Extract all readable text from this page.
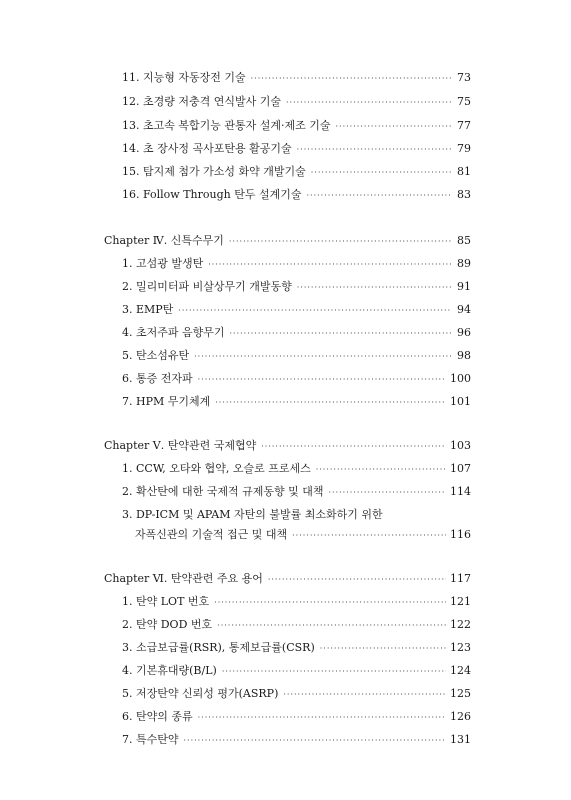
11. 지능형 자동장전 기술 ·····	73
12. 초경량 저충격 연식발사 기술 ·····	75
13. 초고속 복합기능 관통자 설계·제조 기술 ·····	77
14. 초 장사정 곡사포탄용 활공기술 ·····	79
15. 탐지제 첨가 가소성 화약 개발기술 ·····	81
16. Follow Through 탄두 설계기술 ·····	83
Chapter Ⅳ. 신특수무기 ·····	85
1. 고섬광 발생탄 ·····	89
2. 밀리미터파 비살상무기 개발동향 ·····	91
3. EMP탄 ·····	94
4. 초저주파 음향무기 ·····	96
5. 탄소섬유탄 ·····	98
6. 통증 전자파 ·····	100
7. HPM 무기체계 ·····	101
Chapter Ⅴ. 탄약관련 국제협약 ·····	103
1. CCW, 오타와 협약, 오슬로 프로세스 ·····	107
2. 확산탄에 대한 국제적 규제동향 및 대책 ·····	114
3. DP-ICM 및 APAM 자탄의 불발률 최소화하기 위한
자폭신관의 기술적 접근 및 대책 ·····	116
Chapter Ⅵ. 탄약관련 주요 용어 ·····	117
1. 탄약 LOT 번호 ·····	121
2. 탄약 DOD 번호 ·····	122
3. 소급보급률(RSR), 통제보급률(CSR) ·····	123
4. 기본휴대량(B/L) ·····	124
5. 저장탄약 신뢰성 평가(ASRP) ·····	125
6. 탄약의 종류 ·····	126
7. 특수탄약 ·····	131
